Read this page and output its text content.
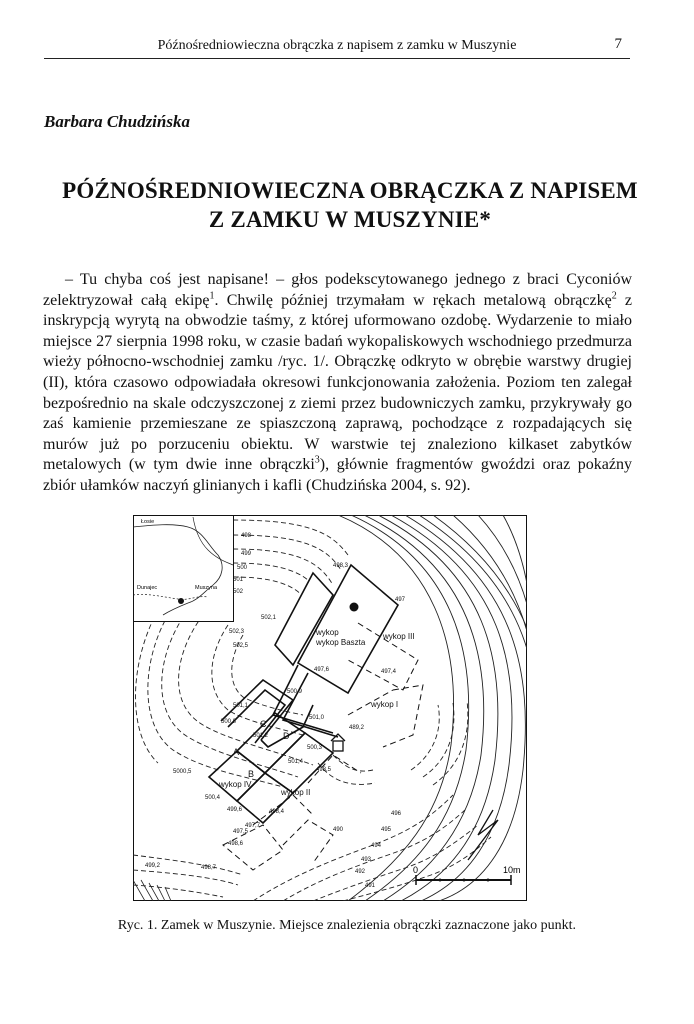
Późnośredniowieczna obrączka z napisem z zamku w Muszynie	7
Barbara Chudzińska
PÓŹNOŚREDNIOWIECZNA OBRĄCZKA Z NAPISEM
Z ZAMKU W MUSZYNIE*
– Tu chyba coś jest napisane! – głos podekscytowanego jednego z braci Cyconiów zelektryzował całą ekipę$^1$. Chwilę później trzymałam w rękach metalową obrączkę$^2$ z inskrypcją wyrytą na obwodzie taśmy, z której uformowano ozdobę. Wydarzenie to miało miejsce 27 sierpnia 1998 roku, w czasie badań wykopaliskowych wschodniego przedmurza wieży północno-wschodniej zamku /ryc. 1/. Obrączkę odkryto w obrębie warstwy drugiej (II), która czasowo odpowiadała okresowi funkcjonowania założenia. Poziom ten zalegał bezpośrednio na skale odczyszczonej z ziemi przez budowniczych zamku, przykrywały go zaś kamienie przemieszane ze spiaszczoną zaprawą, pochodzące z rozpadających się murów już po porzuceniu obiektu. W warstwie tej znaleziono kilkaset zabytków metalowych (w tym dwie inne obrączki$^3$), głównie fragmentów gwoździ oraz pokaźny zbiór ułamków naczyń glinianych i kafli (Chudzińska 2004, s. 92).
Łosie
Dunajec	Muszyna
0	10m
wykop
wykop Baszta
wykop III
wykop I
wykop IV
wykop II
A
B
C
D
498
499
500
501
502
498,3
497
502,3
502,5
502,1
500,9
501,1
500,8
501,0
501,2
500,3
489,2
501,4
498,5
500,4
5000,5
499,6	498,4
497,5
497,7
498,7
498,6
499,2
497,6	497,4
496
495
494
493
492
491
490
Ryc. 1. Zamek w Muszynie. Miejsce znalezienia obrączki zaznaczone jako punkt.
